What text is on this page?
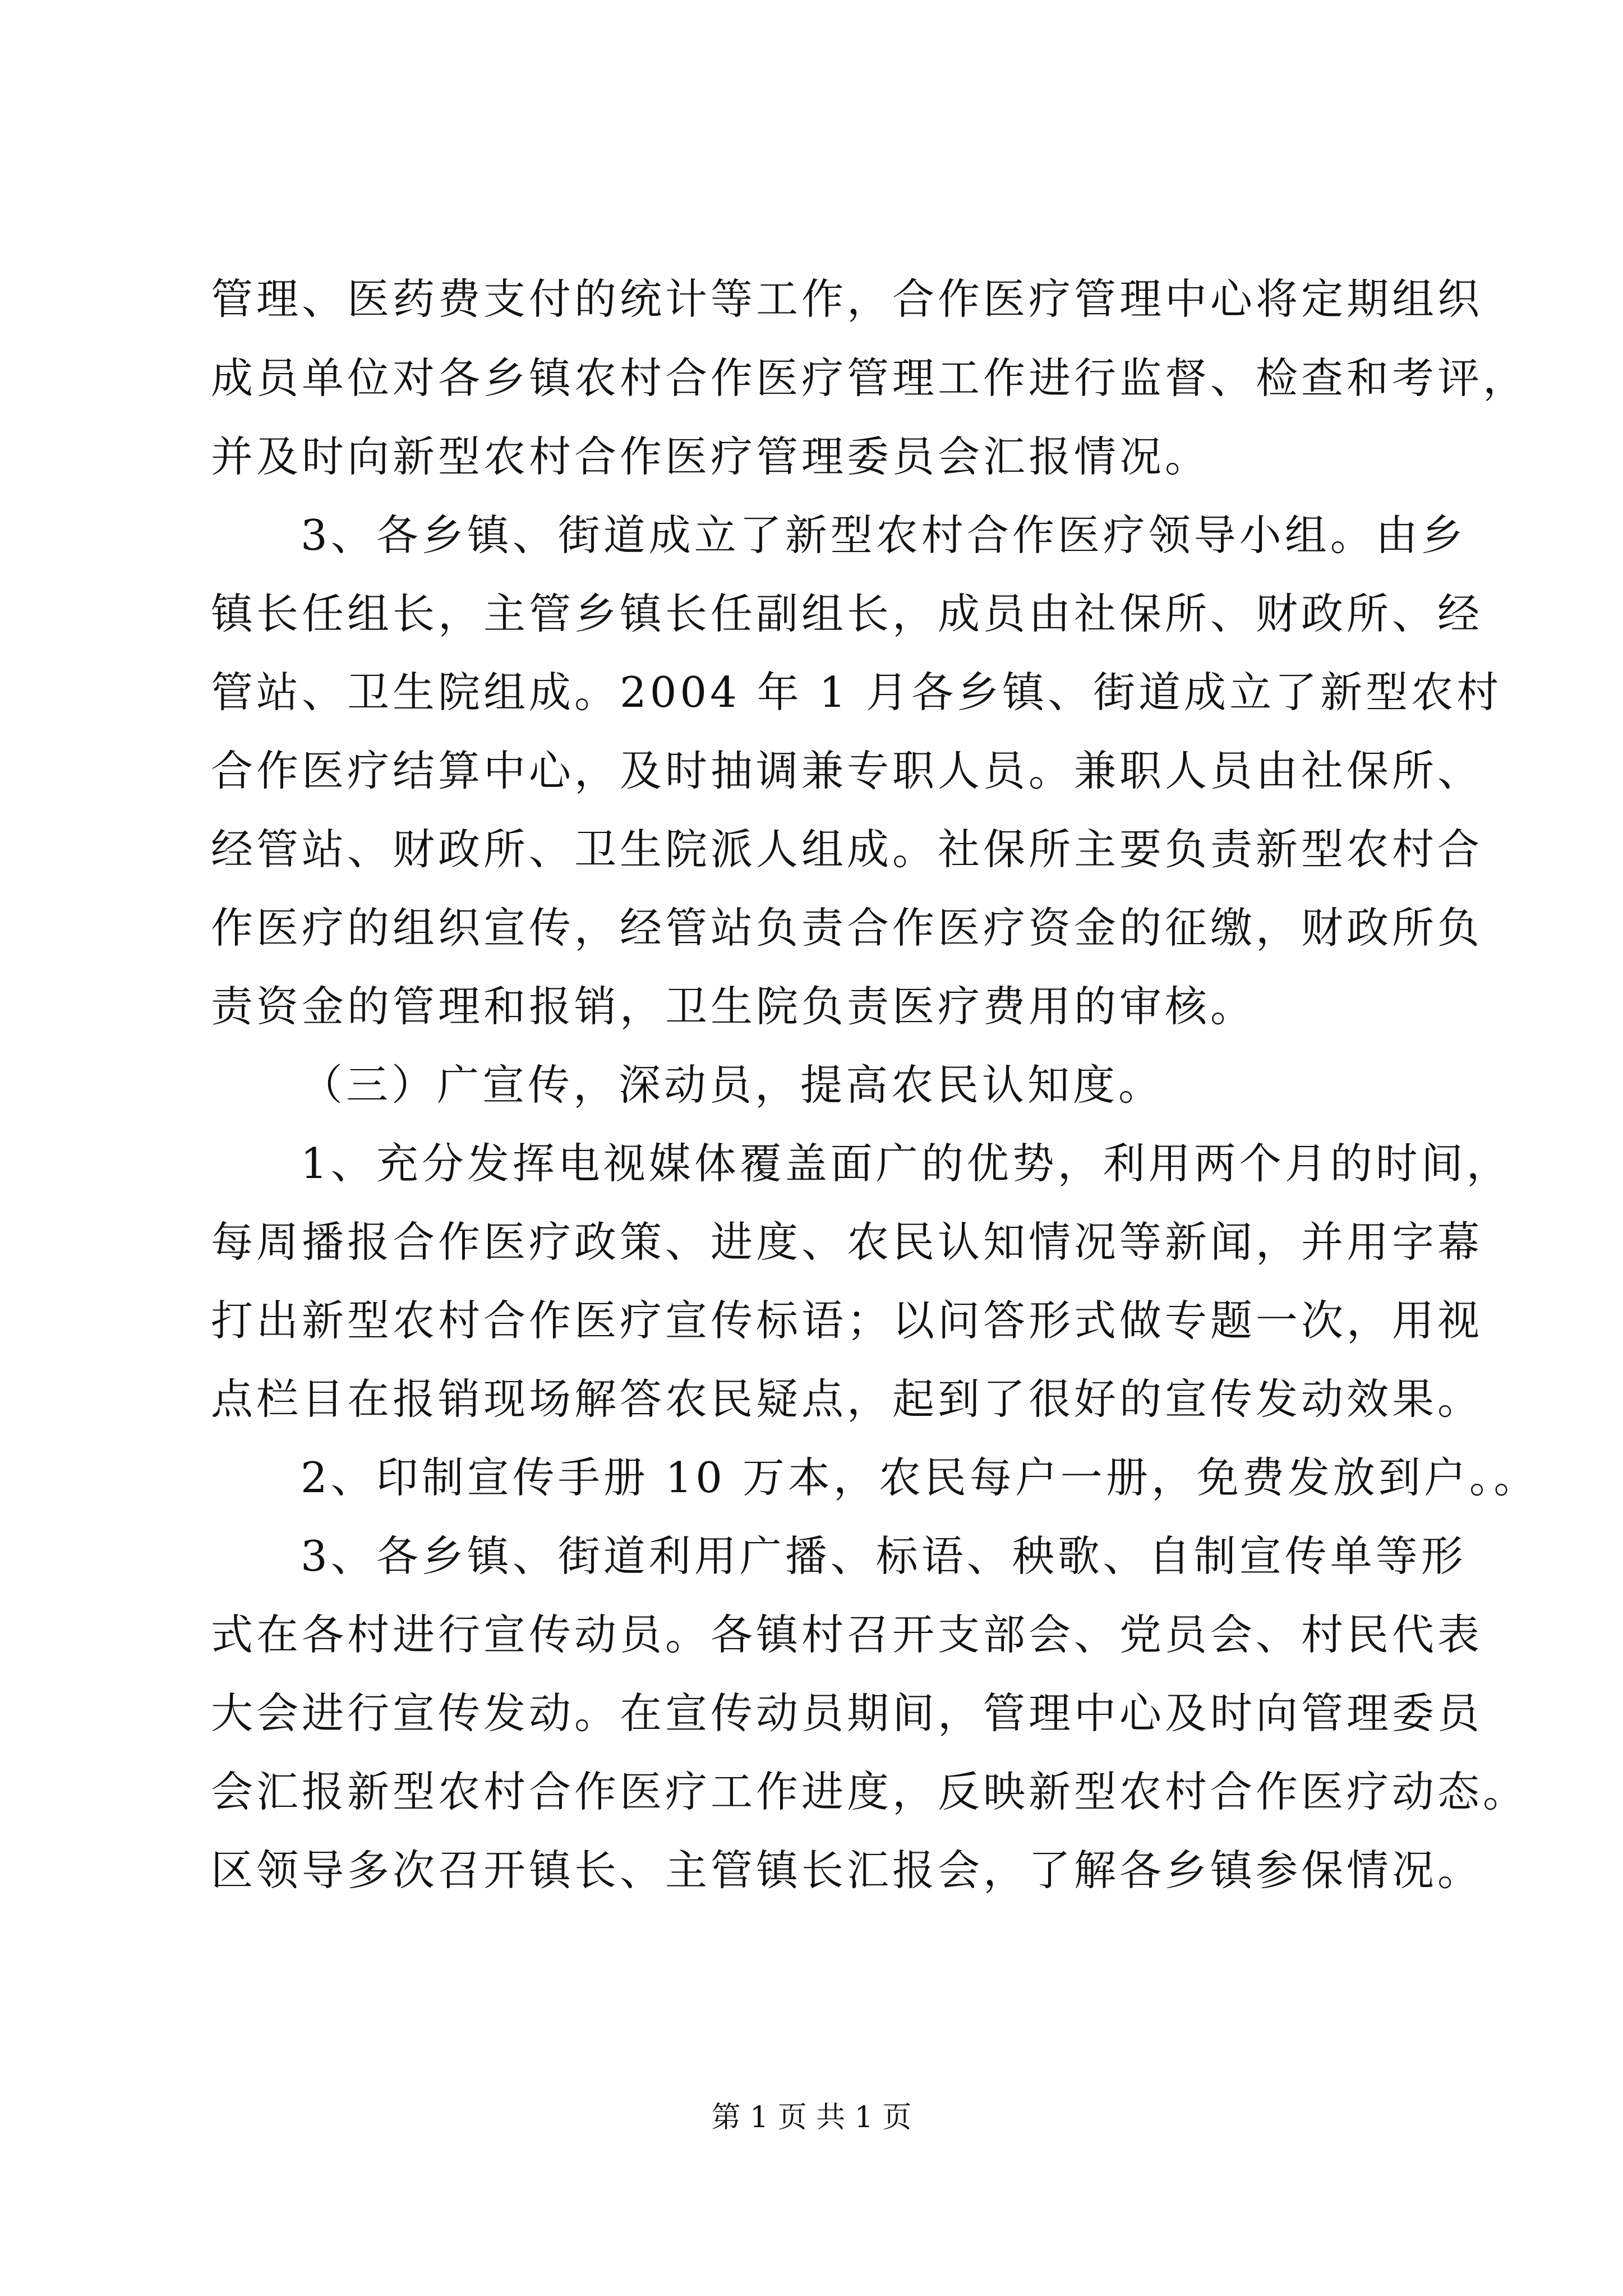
管理、医药费支付的统计等工作，合作医疗管理中心将定期组织
成员单位对各乡镇农村合作医疗管理工作进行监督、检查和考评，
并及时向新型农村合作医疗管理委员会汇报情况。
3、各乡镇、街道成立了新型农村合作医疗领导小组。由乡
镇长任组长，主管乡镇长任副组长，成员由社保所、财政所、经
管站、卫生院组成。2004 年 1 月各乡镇、街道成立了新型农村
合作医疗结算中心，及时抽调兼专职人员。兼职人员由社保所、
经管站、财政所、卫生院派人组成。社保所主要负责新型农村合
作医疗的组织宣传，经管站负责合作医疗资金的征缴，财政所负
责资金的管理和报销，卫生院负责医疗费用的审核。
（三）广宣传，深动员，提高农民认知度。
1、充分发挥电视媒体覆盖面广的优势，利用两个月的时间，
每周播报合作医疗政策、进度、农民认知情况等新闻，并用字幕
打出新型农村合作医疗宣传标语；以问答形式做专题一次，用视
点栏目在报销现场解答农民疑点，起到了很好的宣传发动效果。
2、印制宣传手册 10 万本，农民每户一册，免费发放到户。。
3、各乡镇、街道利用广播、标语、秧歌、自制宣传单等形
式在各村进行宣传动员。各镇村召开支部会、党员会、村民代表
大会进行宣传发动。在宣传动员期间，管理中心及时向管理委员
会汇报新型农村合作医疗工作进度，反映新型农村合作医疗动态。
区领导多次召开镇长、主管镇长汇报会，了解各乡镇参保情况。
第 1 页 共 1 页
